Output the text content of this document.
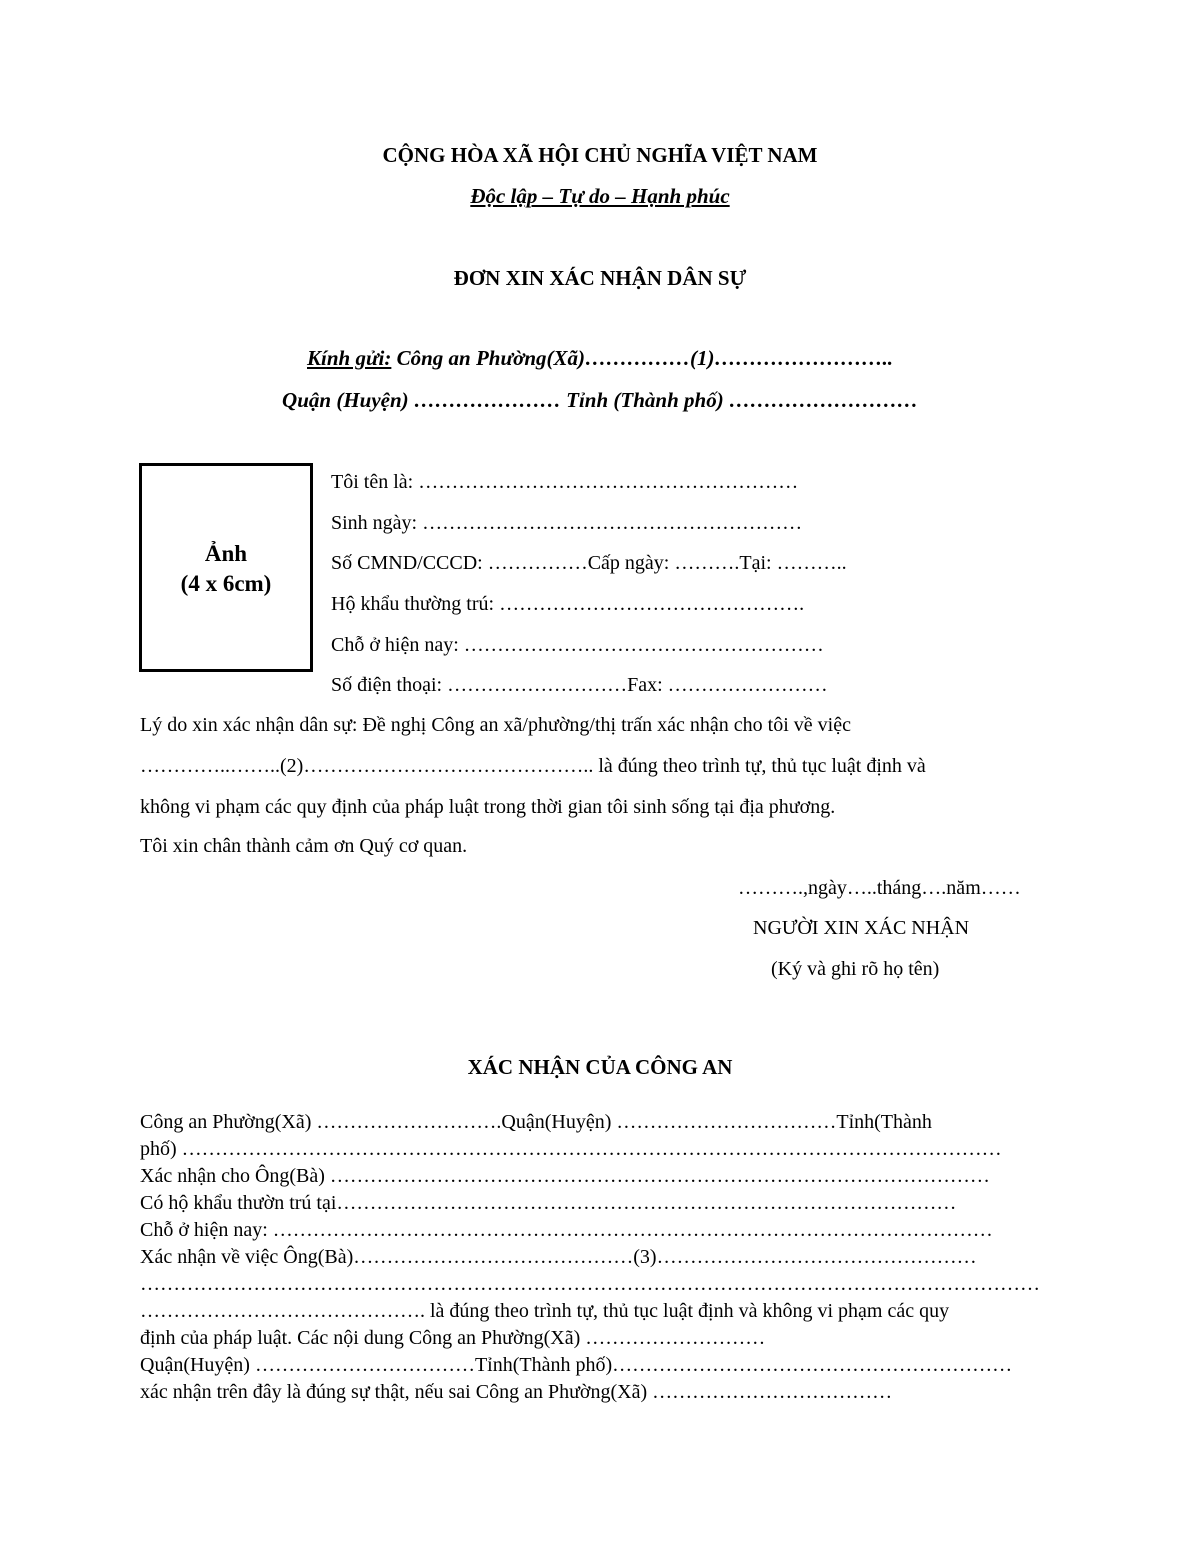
CỘNG HÒA XÃ HỘI CHỦ NGHĨA VIỆT NAM
Độc lập – Tự do – Hạnh phúc
ĐƠN XIN XÁC NHẬN DÂN SỰ
Kính gửi: Công an Phường(Xã)……………(1)……………………..
Quận (Huyện) ………………… Tỉnh (Thành phố) ………………………
Ảnh
(4 x 6cm)
Tôi tên là: …………………………………………………
Sinh ngày: …………………………………………………
Số CMND/CCCD: ……………Cấp ngày: ……….Tại: ………..
Hộ khẩu thường trú: ……………………………………….
Chỗ ở hiện nay: ………………………………………………
Số điện thoại: ………………………Fax: ……………………
Lý do xin xác nhận dân sự: Đề nghị Công an xã/phường/thị trấn xác nhận cho tôi về việc
…………..……..(2)…………………………………….. là đúng theo trình tự, thủ tục luật định và
không vi phạm các quy định của pháp luật trong thời gian tôi sinh sống tại địa phương.
Tôi xin chân thành cảm ơn Quý cơ quan.
……….,ngày…..tháng….năm……
NGƯỜI XIN XÁC NHẬN
(Ký và ghi rõ họ tên)
XÁC NHẬN CỦA CÔNG AN
Công an Phường(Xã) ……………………….Quận(Huyện) ……………………………Tỉnh(Thành
phố) ……………………………………………………………………………………………………………
Xác nhận cho Ông(Bà) ………………………………………………………………………………………
Có hộ khẩu thườn trú tại…………………………………………………………………………………
Chỗ ở hiện nay: ………………………………………………………………………………………………
Xác nhận về việc Ông(Bà)……………………………………(3)…………………………………………
………………………………………………………………………………………………………………………
……………………………………. là đúng theo trình tự, thủ tục luật định và không vi phạm các quy
định của pháp luật. Các nội dung Công an Phường(Xã) ………………………
Quận(Huyện) ……………………………Tỉnh(Thành phố)……………………………………………………
xác nhận trên đây là đúng sự thật, nếu sai Công an Phường(Xã) ………………………………
